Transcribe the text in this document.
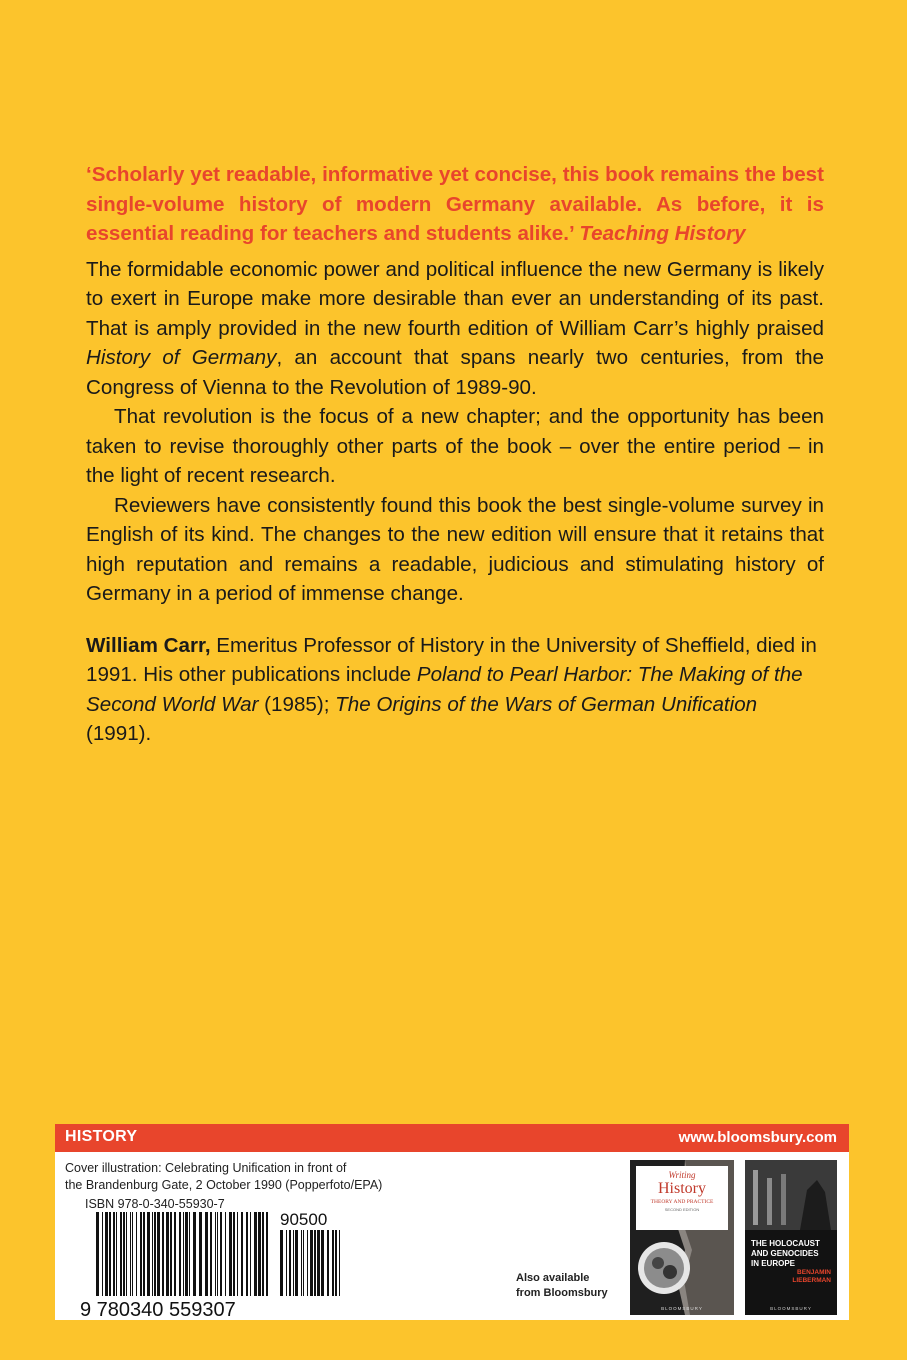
‘Scholarly yet readable, informative yet concise, this book remains the best single-volume history of modern Germany available. As before, it is essential reading for teachers and students alike.’ Teaching History

The formidable economic power and political influence the new Germany is likely to exert in Europe make more desirable than ever an understanding of its past. That is amply provided in the new fourth edition of William Carr’s highly praised History of Germany, an account that spans nearly two centuries, from the Congress of Vienna to the Revolution of 1989-90.

That revolution is the focus of a new chapter; and the opportunity has been taken to revise thoroughly other parts of the book – over the entire period – in the light of recent research.

Reviewers have consistently found this book the best single-volume survey in English of its kind. The changes to the new edition will ensure that it retains that high reputation and remains a readable, judicious and stimulating history of Germany in a period of immense change.

William Carr, Emeritus Professor of History in the University of Sheffield, died in 1991. His other publications include Poland to Pearl Harbor: The Making of the Second World War (1985); The Origins of the Wars of German Unification (1991).

HISTORY	www.bloomsbury.com
Cover illustration: Celebrating Unification in front of
the Brandenburg Gate, 2 October 1990 (Popperfoto/EPA)
ISBN 978-0-340-55930-7
9 780340 559307
90500
Also available
from Bloomsbury
Writing
History
THEORY AND PRACTICE
SECOND EDITION
BLOOMSBURY
THE HOLOCAUST
AND GENOCIDES
IN EUROPE
BENJAMIN
LIEBERMAN
BLOOMSBURY
